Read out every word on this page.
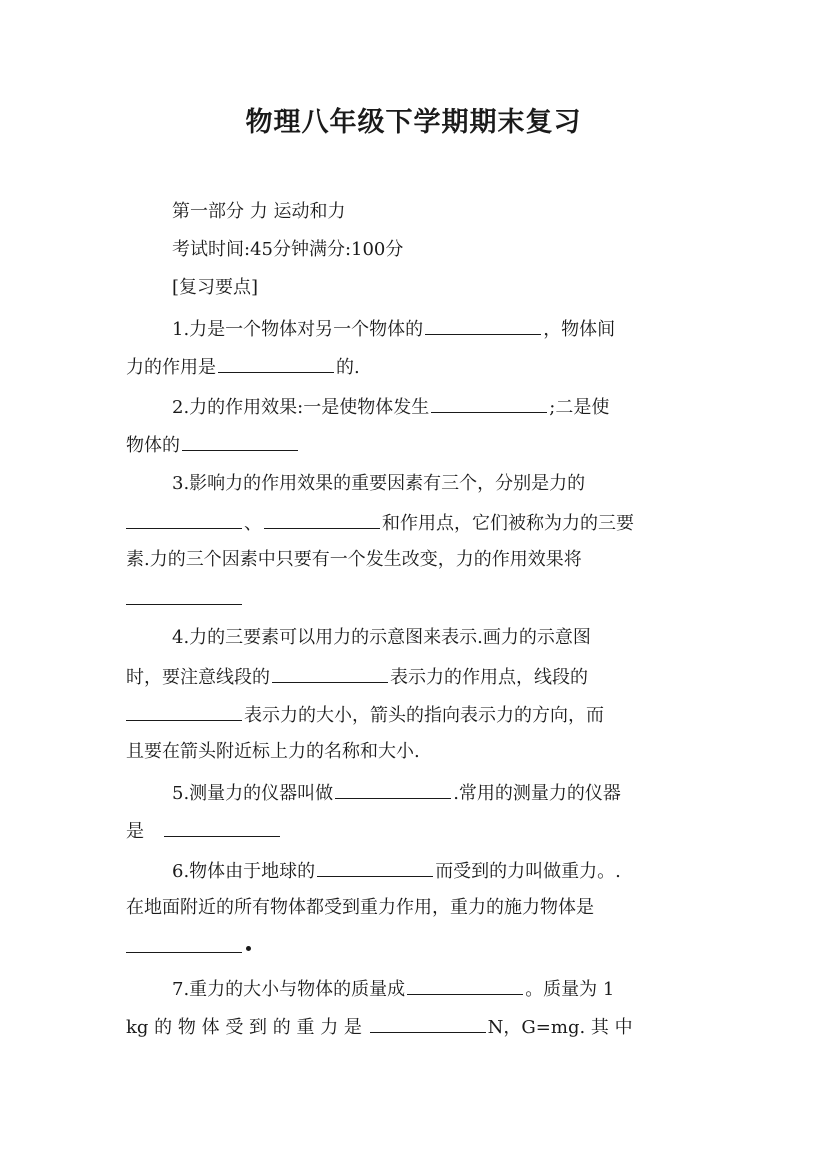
物理八年级下学期期末复习
第一部分 力 运动和力
考试时间:45分钟满分:100分
[复习要点]
1.力是一个物体对另一个物体的	，物体间
力的作用是	的.
2.力的作用效果:一是使物体发生	;二是使
物体的
3.影响力的作用效果的重要因素有三个，分别是力的
、	和作用点，它们被称为力的三要
素.力的三个因素中只要有一个发生改变，力的作用效果将
4.力的三要素可以用力的示意图来表示.画力的示意图
时，要注意线段的	表示力的作用点，线段的
表示力的大小，箭头的指向表示力的方向，而
且要在箭头附近标上力的名称和大小.
5.测量力的仪器叫做	.常用的测量力的仪器
是
6.物体由于地球的	而受到的力叫做重力。.
在地面附近的所有物体都受到重力作用，重力的施力物体是
7.重力的大小与物体的质量成	。质量为 1
kg 的 物 体 受 到 的 重 力 是	N，G=mg. 其 中
